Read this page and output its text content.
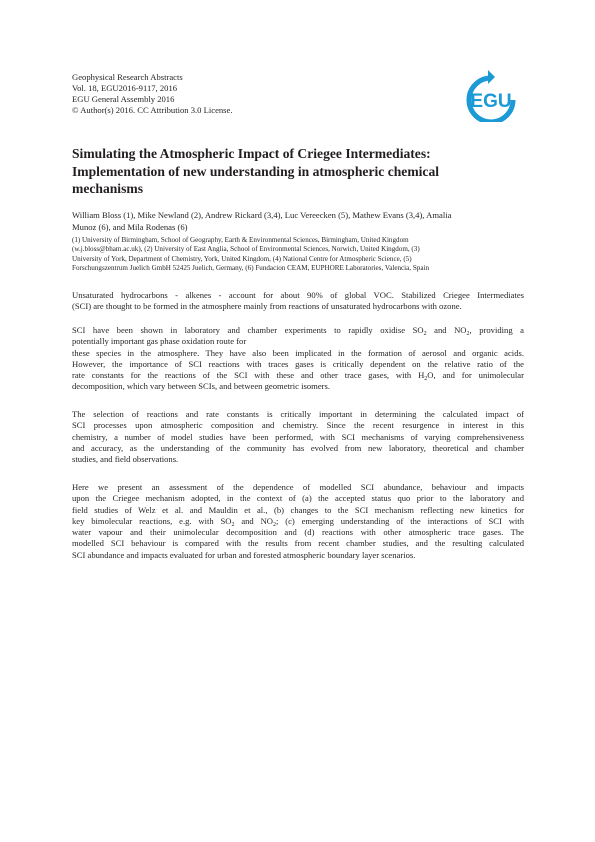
Geophysical Research Abstracts
Vol. 18, EGU2016-9117, 2016
EGU General Assembly 2016
© Author(s) 2016. CC Attribution 3.0 License.	EGU
Simulating the Atmospheric Impact of Criegee Intermediates:
Implementation of new understanding in atmospheric chemical
mechanisms
William Bloss (1), Mike Newland (2), Andrew Rickard (3,4), Luc Vereecken (5), Mathew Evans (3,4), Amalia
Munoz (6), and Mila Rodenas (6)
(1) University of Birmingham, School of Geography, Earth & Environmental Sciences, Birmingham, United Kingdom
(w.j.bloss@bham.ac.uk), (2) University of East Anglia, School of Environmental Sciences, Norwich, United Kingdom, (3)
University of York, Department of Chemistry, York, United Kingdom, (4) National Centre for Atmospheric Science, (5)
Forschungszentrum Juelich GmbH 52425 Juelich, Germany, (6) Fundacion CEAM, EUPHORE Laboratories, Valencia, Spain
Unsaturated hydrocarbons - alkenes - account for about 90% of global VOC. Stabilized Criegee Intermediates
(SCI) are thought to be formed in the atmosphere mainly from reactions of unsaturated hydrocarbons with ozone.
SCI have been shown in laboratory and chamber experiments to rapidly oxidise $SO_2$ and $NO_2$, providing a
potentially important gas phase oxidation route for
these species in the atmosphere. They have also been implicated in the formation of aerosol and organic acids.
However, the importance of SCI reactions with traces gases is critically dependent on the relative ratio of the
rate constants for the reactions of the SCI with these and other trace gases, with $H_2O$, and for unimolecular
decomposition, which vary between SCIs, and between geometric isomers.
The selection of reactions and rate constants is critically important in determining the calculated impact of
SCI processes upon atmospheric composition and chemistry. Since the recent resurgence in interest in this
chemistry, a number of model studies have been performed, with SCI mechanisms of varying comprehensiveness
and accuracy, as the understanding of the community has evolved from new laboratory, theoretical and chamber
studies, and field observations.
Here we present an assessment of the dependence of modelled SCI abundance, behaviour and impacts
upon the Criegee mechanism adopted, in the context of (a) the accepted status quo prior to the laboratory and
field studies of Welz et al. and Mauldin et al., (b) changes to the SCI mechanism reflecting new kinetics for
key bimolecular reactions, e.g. with $SO_2$ and $NO_2$; (c) emerging understanding of the interactions of SCI with
water vapour and their unimolecular decomposition and (d) reactions with other atmospheric trace gases. The
modelled SCI behaviour is compared with the results from recent chamber studies, and the resulting calculated
SCI abundance and impacts evaluated for urban and forested atmospheric boundary layer scenarios.
